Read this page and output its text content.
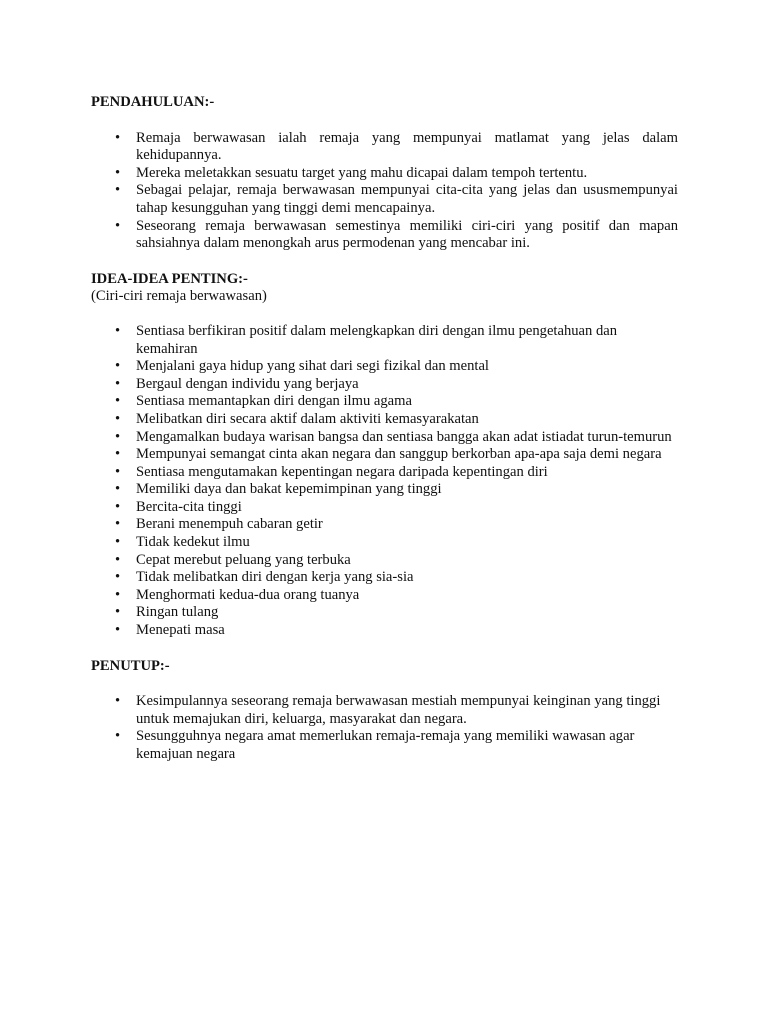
PENDAHULUAN:-
• Remaja berwawasan ialah remaja yang mempunyai matlamat yang jelas dalam kehidupannya.
• Mereka meletakkan sesuatu target yang mahu dicapai dalam tempoh tertentu.
• Sebagai pelajar, remaja berwawasan mempunyai cita-cita yang jelas dan ususmempunyai tahap kesungguhan yang tinggi demi mencapainya.
• Seseorang remaja berwawasan semestinya memiliki ciri-ciri yang positif dan mapan sahsiahnya dalam menongkah arus permodenan yang mencabar ini.
IDEA-IDEA PENTING:-

(Ciri-ciri remaja berwawasan)

• Sentiasa berfikiran positif dalam melengkapkan diri dengan ilmu pengetahuan dan kemahiran
• Menjalani gaya hidup yang sihat dari segi fizikal dan mental
• Bergaul dengan individu yang berjaya
• Sentiasa memantapkan diri dengan ilmu agama
• Melibatkan diri secara aktif dalam aktiviti kemasyarakatan
• Mengamalkan budaya warisan bangsa dan sentiasa bangga akan adat istiadat turun-temurun
• Mempunyai semangat cinta akan negara dan sanggup berkorban apa-apa saja demi negara
• Sentiasa mengutamakan kepentingan negara daripada kepentingan diri
• Memiliki daya dan bakat kepemimpinan yang tinggi
• Bercita-cita tinggi
• Berani menempuh cabaran getir
• Tidak kedekut ilmu
• Cepat merebut peluang yang terbuka
• Tidak melibatkan diri dengan kerja yang sia-sia
• Menghormati kedua-dua orang tuanya
• Ringan tulang
• Menepati masa
PENUTUP:-
• Kesimpulannya seseorang remaja berwawasan mestiah mempunyai keinginan yang tinggi untuk memajukan diri, keluarga, masyarakat dan negara.
• Sesungguhnya negara amat memerlukan remaja-remaja yang memiliki wawasan agar kemajuan negara
